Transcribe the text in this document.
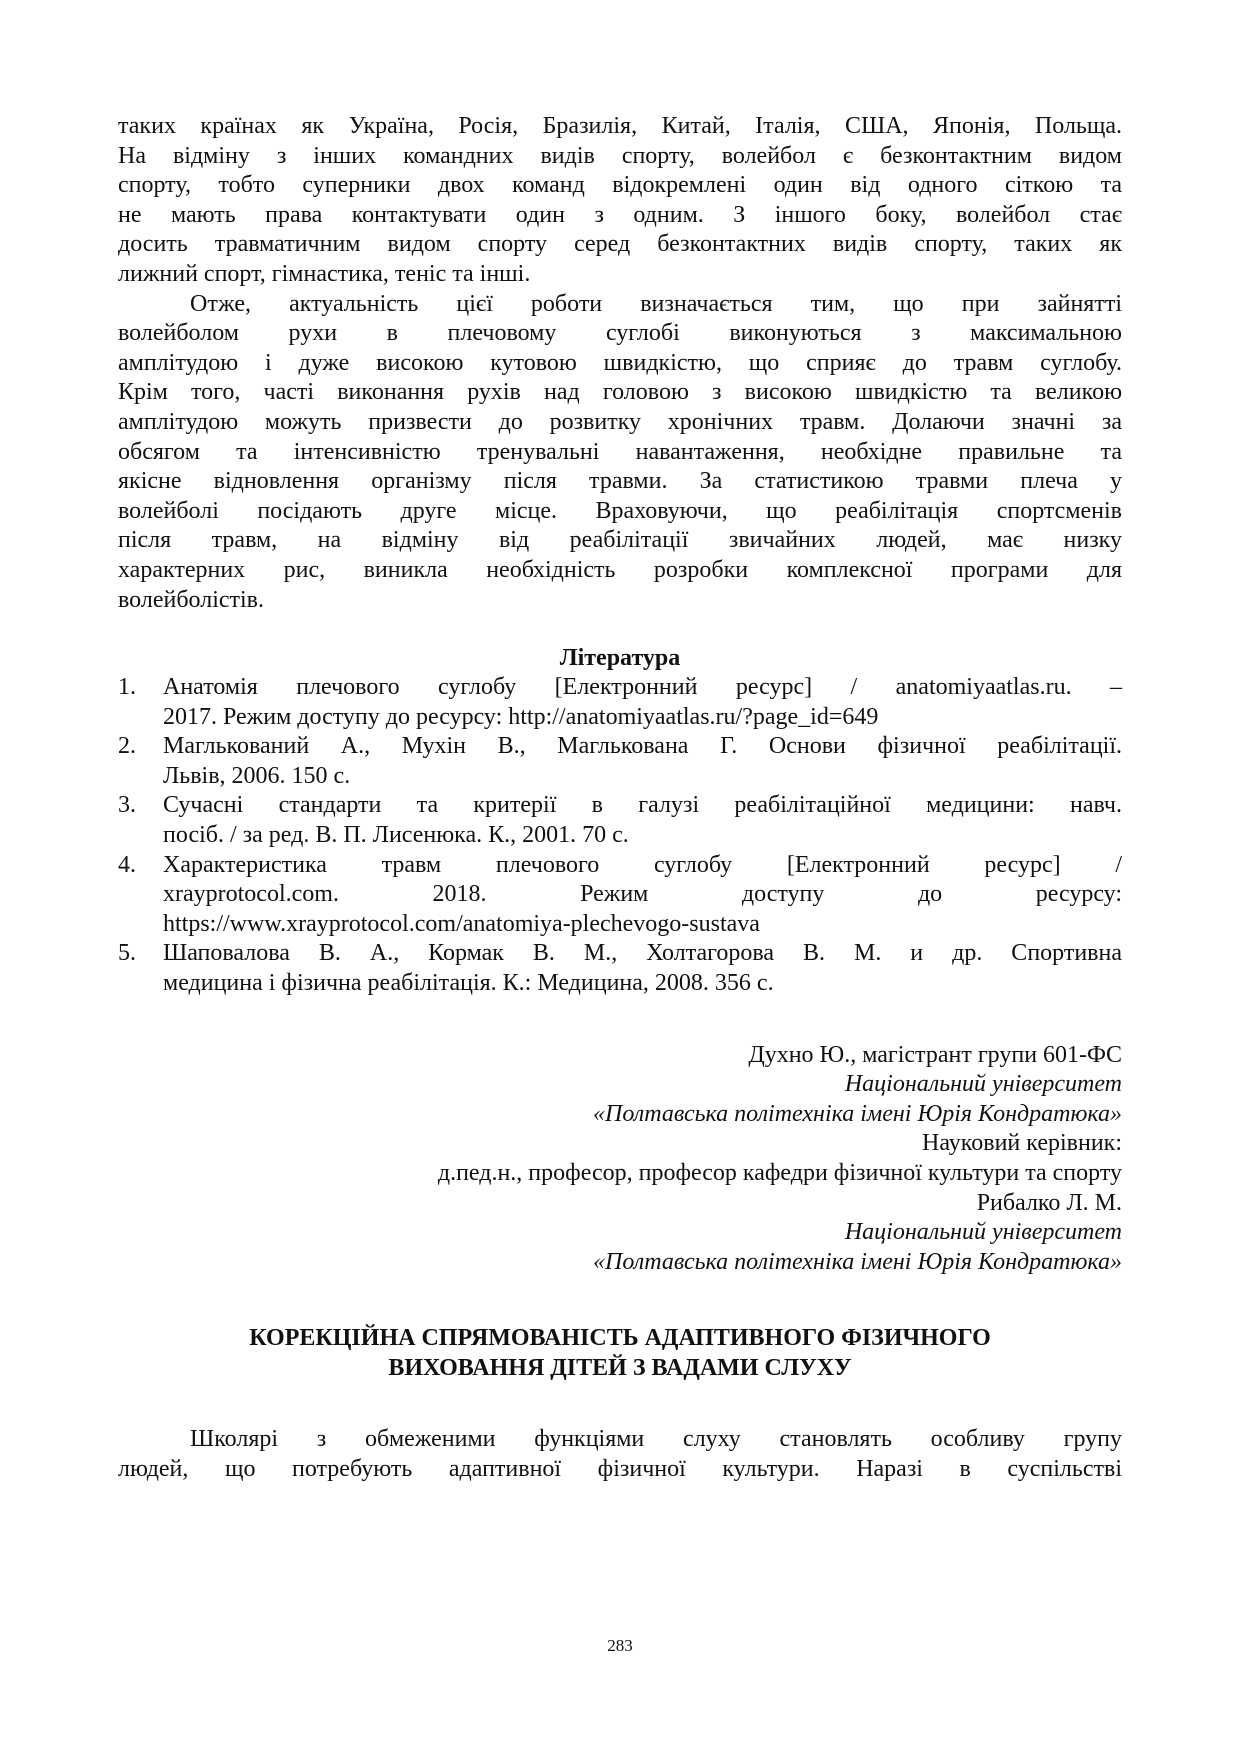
таких країнах як Україна, Росія, Бразилія, Китай, Італія, США, Японія, Польща.
На відміну з інших командних видів спорту, волейбол є безконтактним видом
спорту, тобто суперники двох команд відокремлені один від одного сіткою та
не мають права контактувати один з одним. З іншого боку, волейбол стає
досить травматичним видом спорту серед безконтактних видів спорту, таких як
лижний спорт, гімнастика, теніс та інші.
Отже, актуальність цієї роботи визначається тим, що при зайнятті
волейболом рухи в плечовому суглобі виконуються з максимальною
амплітудою і дуже високою кутовою швидкістю, що сприяє до травм суглобу.
Крім того, часті виконання рухів над головою з високою швидкістю та великою
амплітудою можуть призвести до розвитку хронічних травм. Долаючи значні за
обсягом та інтенсивністю тренувальні навантаження, необхідне правильне та
якісне відновлення організму після травми. За статистикою травми плеча у
волейболі посідають друге місце. Враховуючи, що реабілітація спортсменів
після травм, на відміну від реабілітації звичайних людей, має низку
характерних рис, виникла необхідність розробки комплексної програми для
волейболістів.
Література
1. Анатомія плечового суглобу [Електронний ресурс] / anatomiyaatlas.ru. –
2017. Режим доступу до ресурсу: http://anatomiyaatlas.ru/?page_id=649
2. Маглькований А., Мухін В., Маглькована Г. Основи фізичної реабілітації.
Львів, 2006. 150 с.
3. Сучасні стандарти та критерії в галузі реабілітаційної медицини: навч.
посіб. / за ред. В. П. Лисенюка. К., 2001. 70 с.
4. Характеристика травм плечового суглобу [Електронний ресурс] /
xrayprotocol.com. 2018. Режим доступу до ресурсу:
https://www.xrayprotocol.com/anatomiya-plechevogo-sustava
5. Шаповалова В. А., Кормак В. М., Холтагорова В. М. и др. Спортивна
медицина і фізична реабілітація. К.: Медицина, 2008. 356 с.
Духно Ю., магістрант групи 601-ФС
Національний університет
«Полтавська політехніка імені Юрія Кондратюка»
Науковий керівник:
д.пед.н., професор, професор кафедри фізичної культури та спорту
Рибалко Л. М.
Національний університет
«Полтавська політехніка імені Юрія Кондратюка»
КОРЕКЦІЙНА СПРЯМОВАНІСТЬ АДАПТИВНОГО ФІЗИЧНОГО
ВИХОВАННЯ ДІТЕЙ З ВАДАМИ СЛУХУ
Школярі з обмеженими функціями слуху становлять особливу групу
людей, що потребують адаптивної фізичної культури. Наразі в суспільстві
283
